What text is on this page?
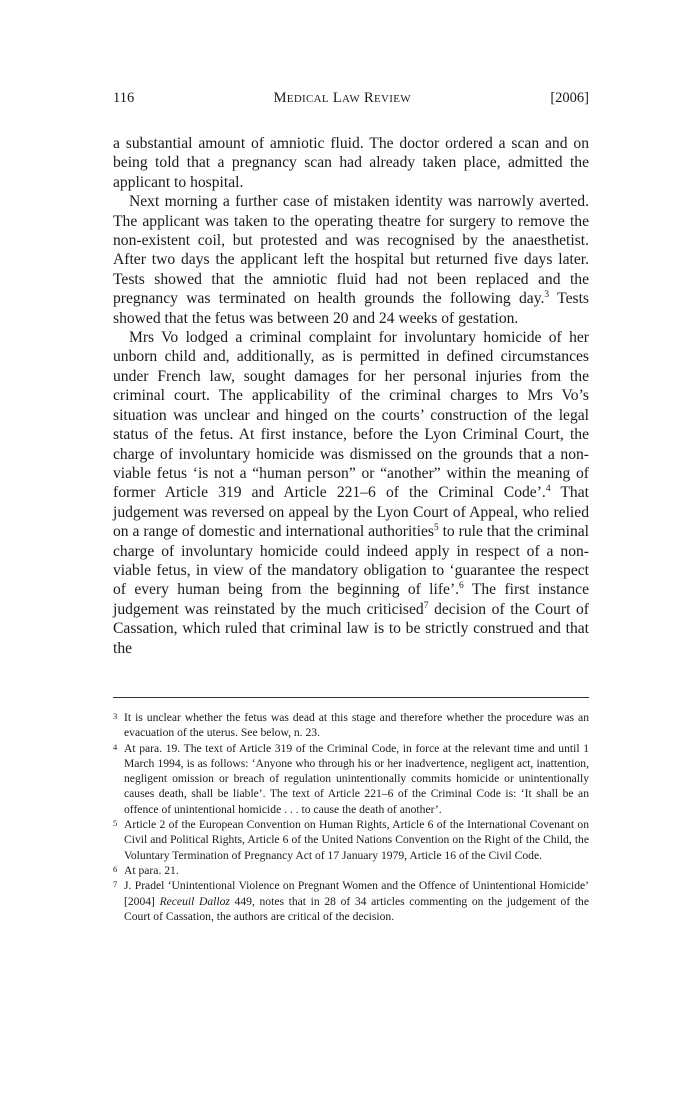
116	MEDICAL LAW REVIEW	[2006]

a substantial amount of amniotic fluid. The doctor ordered a scan and on being told that a pregnancy scan had already taken place, admitted the applicant to hospital.

Next morning a further case of mistaken identity was narrowly averted. The applicant was taken to the operating theatre for surgery to remove the non-existent coil, but protested and was recognised by the anaesthetist. After two days the applicant left the hospital but returned five days later. Tests showed that the amniotic fluid had not been replaced and the pregnancy was terminated on health grounds the following day.$^3$ Tests showed that the fetus was between 20 and 24 weeks of gestation.

Mrs Vo lodged a criminal complaint for involuntary homicide of her unborn child and, additionally, as is permitted in defined circumstances under French law, sought damages for her personal injuries from the criminal court. The applicability of the criminal charges to Mrs Vo’s situation was unclear and hinged on the courts’ construction of the legal status of the fetus. At first instance, before the Lyon Criminal Court, the charge of involuntary homicide was dismissed on the grounds that a non-viable fetus ‘is not a “human person” or “another” within the meaning of former Article 319 and Article 221–6 of the Criminal Code’.$^4$ That judgement was reversed on appeal by the Lyon Court of Appeal, who relied on a range of domestic and international authorities$^5$ to rule that the criminal charge of involuntary homicide could indeed apply in respect of a non-viable fetus, in view of the mandatory obligation to ‘guarantee the respect of every human being from the beginning of life’.$^6$ The first instance judgement was reinstated by the much criticised$^7$ decision of the Court of Cassation, which ruled that criminal law is to be strictly construed and that the

3 It is unclear whether the fetus was dead at this stage and therefore whether the procedure was an evacuation of the uterus. See below, n. 23.

4 At para. 19. The text of Article 319 of the Criminal Code, in force at the relevant time and until 1 March 1994, is as follows: ‘Anyone who through his or her inadvertence, negligent act, inattention, negligent omission or breach of regulation unintentionally commits homicide or unintentionally causes death, shall be liable’. The text of Article 221–6 of the Criminal Code is: ‘It shall be an offence of unintentional homicide . . . to cause the death of another’.

5 Article 2 of the European Convention on Human Rights, Article 6 of the International Covenant on Civil and Political Rights, Article 6 of the United Nations Convention on the Right of the Child, the Voluntary Termination of Pregnancy Act of 17 January 1979, Article 16 of the Civil Code.

6 At para. 21.

7 J. Pradel ‘Unintentional Violence on Pregnant Women and the Offence of Unintentional Homicide’ [2004] Receuil Dalloz 449, notes that in 28 of 34 articles commenting on the judgement of the Court of Cassation, the authors are critical of the decision.
